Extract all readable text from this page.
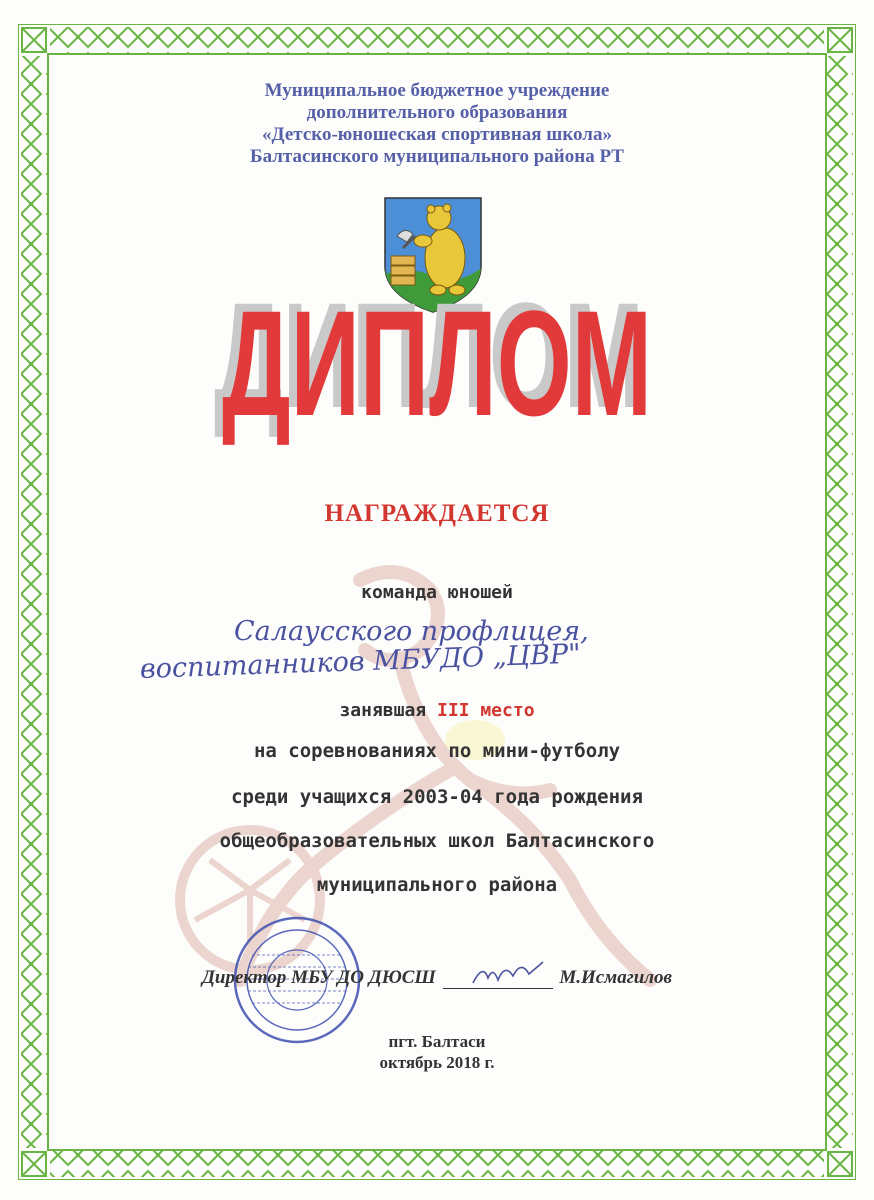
Муниципальное бюджетное учреждение
дополнительного образования
«Детско-юношеская спортивная школа»
Балтасинского муниципального района РТ
ДИПЛОМ
ДИПЛОМ
НАГРАЖДАЕТСЯ
команда юношей
Салаусского профлицея,
воспитанников МБУДО „ЦВР"
занявшая III место
на соревнованиях по мини-футболу
среди учащихся 2003-04 года рождения
общеобразовательных школ Балтасинского
муниципального района
Директор МБУ ДО ДЮСШ	М.Исмагилов
пгт. Балтаси
октябрь 2018 г.
